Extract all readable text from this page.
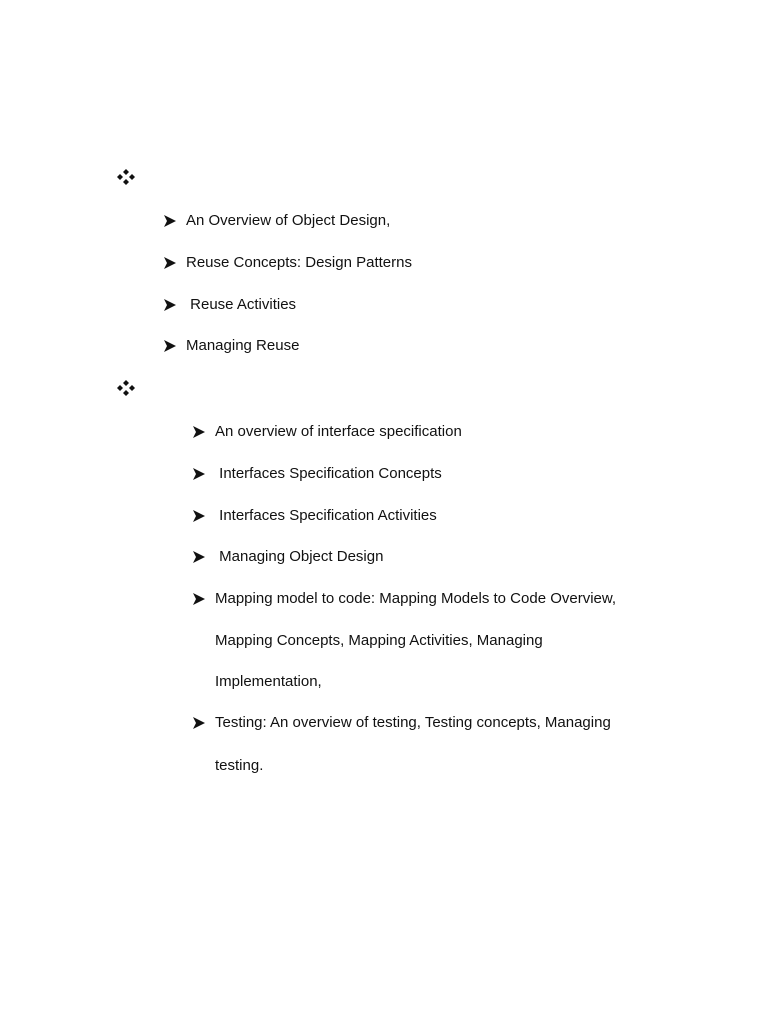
An Overview of Object Design,
Reuse Concepts: Design Patterns
Reuse Activities
Managing Reuse
An overview of interface specification
Interfaces Specification Concepts
Interfaces Specification Activities
Managing Object Design
Mapping model to code: Mapping Models to Code Overview,
Mapping Concepts, Mapping Activities, Managing
Implementation,
Testing: An overview of testing, Testing concepts, Managing
testing.
